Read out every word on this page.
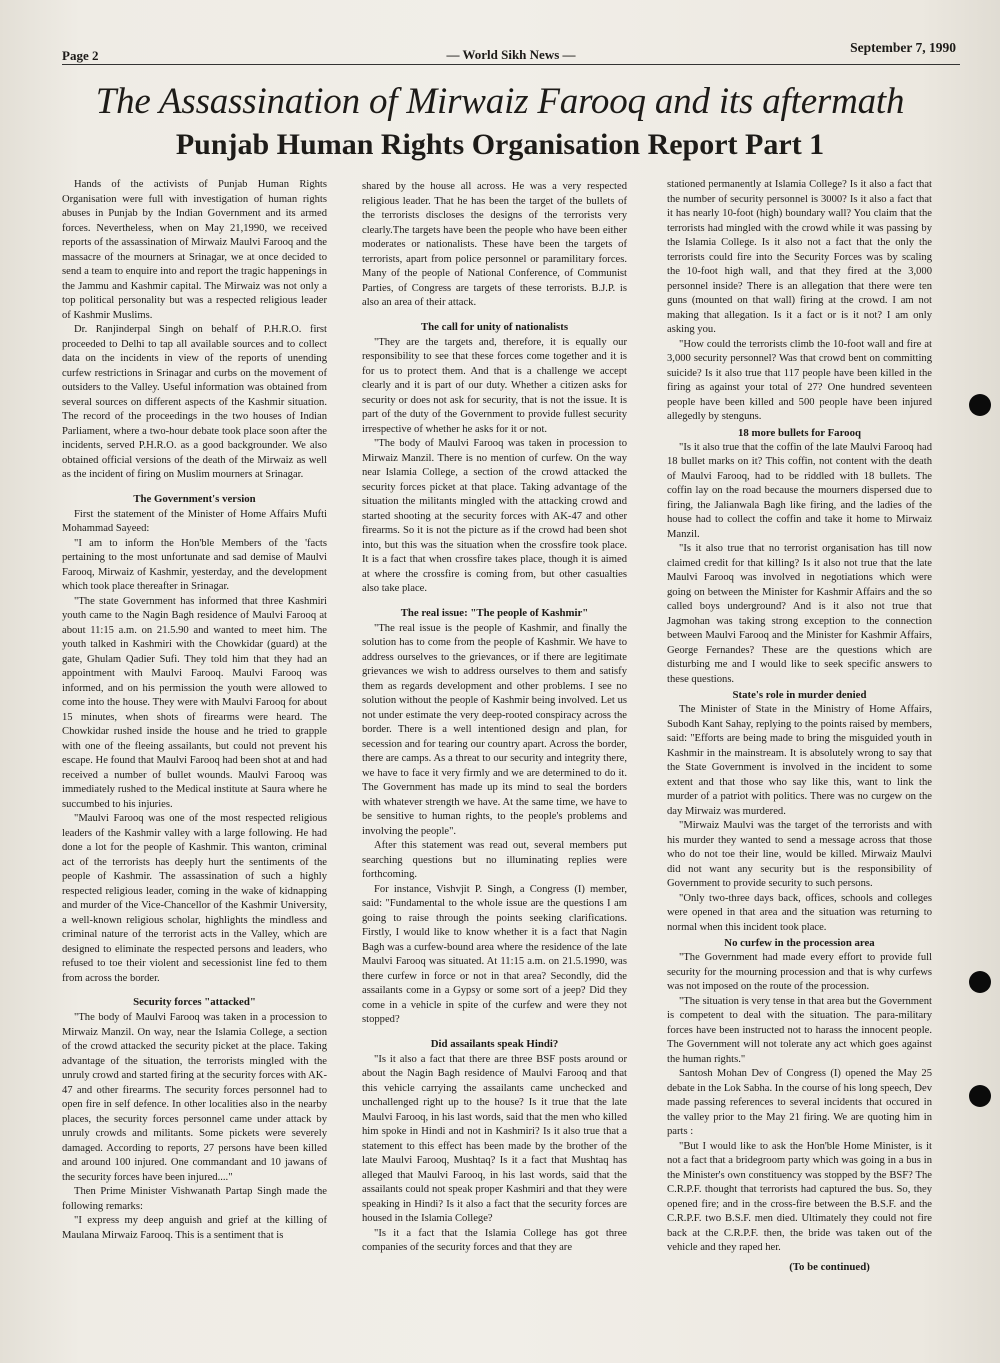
Page 2	— World Sikh News —	September 7, 1990
The Assassination of Mirwaiz Farooq and its aftermath
Punjab Human Rights Organisation Report Part 1

Hands of the activists of Punjab Human Rights Organisation were full with investigation of human rights abuses in Punjab by the Indian Government and its armed forces. Nevertheless, when on May 21,1990, we received reports of the assassination of Mirwaiz Maulvi Farooq and the massacre of the mourners at Srinagar, we at once decided to send a team to enquire into and report the tragic happenings in the Jammu and Kashmir capital. The Mirwaiz was not only a top political personality but was a respected religious leader of Kashmir Muslims.

Dr. Ranjinderpal Singh on behalf of P.H.R.O. first proceeded to Delhi to tap all available sources and to collect data on the incidents in view of the reports of unending curfew restrictions in Srinagar and curbs on the movement of outsiders to the Valley. Useful information was obtained from several sources on different aspects of the Kashmir situation. The record of the proceedings in the two houses of Indian Parliament, where a two-hour debate took place soon after the incidents, served P.H.R.O. as a good backgrounder. We also obtained official versions of the death of the Mirwaiz as well as the incident of firing on Muslim mourners at Srinagar.

The Government's version

First the statement of the Minister of Home Affairs Mufti Mohammad Sayeed:

"I am to inform the Hon'ble Members of the 'facts pertaining to the most unfortunate and sad demise of Maulvi Farooq, Mirwaiz of Kashmir, yesterday, and the development which took place thereafter in Srinagar.

"The state Government has informed that three Kashmiri youth came to the Nagin Bagh residence of Maulvi Farooq at about 11:15 a.m. on 21.5.90 and wanted to meet him. The youth talked in Kashmiri with the Chowkidar (guard) at the gate, Ghulam Qadier Sufi. They told him that they had an appointment with Maulvi Farooq. Maulvi Farooq was informed, and on his permission the youth were allowed to come into the house. They were with Maulvi Farooq for about 15 minutes, when shots of firearms were heard. The Chowkidar rushed inside the house and he tried to grapple with one of the fleeing assailants, but could not prevent his escape. He found that Maulvi Farooq had been shot at and had received a number of bullet wounds. Maulvi Farooq was immediately rushed to the Medical institute at Saura where he succumbed to his injuries.

"Maulvi Farooq was one of the most respected religious leaders of the Kashmir valley with a large following. He had done a lot for the people of Kashmir. This wanton, criminal act of the terrorists has deeply hurt the sentiments of the people of Kashmir. The assassination of such a highly respected religious leader, coming in the wake of kidnapping and murder of the Vice-Chancellor of the Kashmir University, a well-known religious scholar, highlights the mindless and criminal nature of the terrorist acts in the Valley, which are designed to eliminate the respected persons and leaders, who refused to toe their violent and secessionist line fed to them from across the border.

Security forces "attacked"

"The body of Maulvi Farooq was taken in a procession to Mirwaiz Manzil. On way, near the Islamia College, a section of the crowd attacked the security picket at the place. Taking advantage of the situation, the terrorists mingled with the unruly crowd and started firing at the security forces with AK-47 and other firearms. The security forces personnel had to open fire in self defence. In other localities also in the nearby places, the security forces personnel came under attack by unruly crowds and militants. Some pickets were severely damaged. According to reports, 27 persons have been killed and around 100 injured. One commandant and 10 jawans of the security forces have been injured...."

Then Prime Minister Vishwanath Partap Singh made the following remarks:

"I express my deep anguish and grief at the killing of Maulana Mirwaiz Farooq. This is a sentiment that is

shared by the house all across. He was a very respected religious leader. That he has been the target of the bullets of the terrorists discloses the designs of the terrorists very clearly.The targets have been the people who have been either moderates or nationalists. These have been the targets of terrorists, apart from police personnel or paramilitary forces. Many of the people of National Conference, of Communist Parties, of Congress are targets of these terrorists. B.J.P. is also an area of their attack.

The call for unity of nationalists

"They are the targets and, therefore, it is equally our responsibility to see that these forces come together and it is for us to protect them. And that is a challenge we accept clearly and it is part of our duty. Whether a citizen asks for security or does not ask for security, that is not the issue. It is part of the duty of the Government to provide fullest security irrespective of whether he asks for it or not.

"The body of Maulvi Farooq was taken in procession to Mirwaiz Manzil. There is no mention of curfew. On the way near Islamia College, a section of the crowd attacked the security forces picket at that place. Taking advantage of the situation the militants mingled with the attacking crowd and started shooting at the security forces with AK-47 and other firearms. So it is not the picture as if the crowd had been shot into, but this was the situation when the crossfire took place. It is a fact that when crossfire takes place, though it is aimed at where the crossfire is coming from, but other casualties also take place.

The real issue: "The people of Kashmir"

"The real issue is the people of Kashmir, and finally the solution has to come from the people of Kashmir. We have to address ourselves to the grievances, or if there are legitimate grievances we wish to address ourselves to them and satisfy them as regards development and other problems. I see no solution without the people of Kashmir being involved. Let us not under estimate the very deep-rooted conspiracy across the border. There is a well intentioned design and plan, for secession and for tearing our country apart. Across the border, there are camps. As a threat to our security and integrity there, we have to face it very firmly and we are determined to do it. The Government has made up its mind to seal the borders with whatever strength we have. At the same time, we have to be sensitive to human rights, to the people's problems and involving the people".

After this statement was read out, several members put searching questions but no illuminating replies were forthcoming.

For instance, Vishvjit P. Singh, a Congress (I) member, said: "Fundamental to the whole issue are the questions I am going to raise through the points seeking clarifications. Firstly, I would like to know whether it is a fact that Nagin Bagh was a curfew-bound area where the residence of the late Maulvi Farooq was situated. At 11:15 a.m. on 21.5.1990, was there curfew in force or not in that area? Secondly, did the assailants come in a Gypsy or some sort of a jeep? Did they come in a vehicle in spite of the curfew and were they not stopped?

Did assailants speak Hindi?

"Is it also a fact that there are three BSF posts around or about the Nagin Bagh residence of Maulvi Farooq and that this vehicle carrying the assailants came unchecked and unchallenged right up to the house? Is it true that the late Maulvi Farooq, in his last words, said that the men who killed him spoke in Hindi and not in Kashmiri? Is it also true that a statement to this effect has been made by the brother of the late Maulvi Farooq, Mushtaq? Is it a fact that Mushtaq has alleged that Maulvi Farooq, in his last words, said that the assailants could not speak proper Kashmiri and that they were speaking in Hindi? Is it also a fact that the security forces are housed in the Islamia College?

"Is it a fact that the Islamia College has got three companies of the security forces and that they are

stationed permanently at Islamia College? Is it also a fact that the number of security personnel is 3000? Is it also a fact that it has nearly 10-foot (high) boundary wall? You claim that the terrorists had mingled with the crowd while it was passing by the Islamia College. Is it also not a fact that the only the terrorists could fire into the Security Forces was by scaling the 10-foot high wall, and that they fired at the 3,000 personnel inside? There is an allegation that there were ten guns (mounted on that wall) firing at the crowd. I am not making that allegation. Is it a fact or is it not? I am only asking you.

"How could the terrorists climb the 10-foot wall and fire at 3,000 security personnel? Was that crowd bent on committing suicide? Is it also true that 117 people have been killed in the firing as against your total of 27? One hundred seventeen people have been killed and 500 people have been injured allegedly by stenguns.

18 more bullets for Farooq

"Is it also true that the coffin of the late Maulvi Farooq had 18 bullet marks on it? This coffin, not content with the death of Maulvi Farooq, had to be riddled with 18 bullets. The coffin lay on the road because the mourners dispersed due to firing, the Jalianwala Bagh like firing, and the ladies of the house had to collect the coffin and take it home to Mirwaiz Manzil.

"Is it also true that no terrorist organisation has till now claimed credit for that killing? Is it also not true that the late Maulvi Farooq was involved in negotiations which were going on between the Minister for Kashmir Affairs and the so called boys underground? And is it also not true that Jagmohan was taking strong exception to the connection between Maulvi Farooq and the Minister for Kashmir Affairs, George Fernandes? These are the questions which are disturbing me and I would like to seek specific answers to these questions.

State's role in murder denied

The Minister of State in the Ministry of Home Affairs, Subodh Kant Sahay, replying to the points raised by members, said: "Efforts are being made to bring the misguided youth in Kashmir in the mainstream. It is absolutely wrong to say that the State Government is involved in the incident to some extent and that those who say like this, want to link the murder of a patriot with politics. There was no curgew on the day Mirwaiz was murdered.

"Mirwaiz Maulvi was the target of the terrorists and with his murder they wanted to send a message across that those who do not toe their line, would be killed. Mirwaiz Maulvi did not want any security but is the responsibility of Government to provide security to such persons.

"Only two-three days back, offices, schools and colleges were opened in that area and the situation was returning to normal when this incident took place.

No curfew in the procession area

"The Government had made every effort to provide full security for the mourning procession and that is why curfews was not imposed on the route of the procession.

"The situation is very tense in that area but the Government is competent to deal with the situation. The para-military forces have been instructed not to harass the innocent people. The Government will not tolerate any act which goes against the human rights."

Santosh Mohan Dev of Congress (I) opened the May 25 debate in the Lok Sabha. In the course of his long speech, Dev made passing references to several incidents that occured in the valley prior to the May 21 firing. We are quoting him in parts :

"But I would like to ask the Hon'ble Home Minister, is it not a fact that a bridegroom party which was going in a bus in the Minister's own constituency was stopped by the BSF? The C.R.P.F. thought that terrorists had captured the bus. So, they opened fire; and in the cross-fire between the B.S.F. and the C.R.P.F. two B.S.F. men died. Ultimately they could not fire back at the C.R.P.F. then, the bride was taken out of the vehicle and they raped her.

(To be continued)
